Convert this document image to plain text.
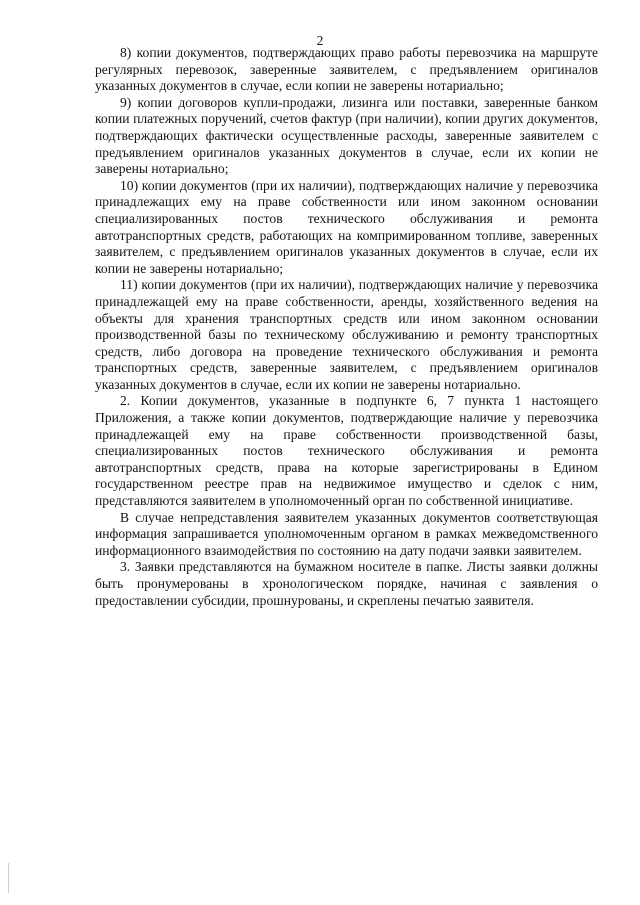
2

8) копии документов, подтверждающих право работы перевозчика на маршруте регулярных перевозок, заверенные заявителем, с предъявлением оригиналов указанных документов в случае, если копии не заверены нотариально;

9) копии договоров купли-продажи, лизинга или поставки, заверенные банком копии платежных поручений, счетов фактур (при наличии), копии других документов, подтверждающих фактически осуществленные расходы, заверенные заявителем с предъявлением оригиналов указанных документов в случае, если их копии не заверены нотариально;

10) копии документов (при их наличии), подтверждающих наличие у перевозчика принадлежащих ему на праве собственности или ином законном основании специализированных постов технического обслуживания и ремонта автотранспортных средств, работающих на компримированном топливе, заверенных заявителем, с предъявлением оригиналов указанных документов в случае, если их копии не заверены нотариально;

11) копии документов (при их наличии), подтверждающих наличие у перевозчика принадлежащей ему на праве собственности, аренды, хозяйственного ведения на объекты для хранения транспортных средств или ином законном основании производственной базы по техническому обслуживанию и ремонту транспортных средств, либо договора на проведение технического обслуживания и ремонта транспортных средств, заверенные заявителем, с предъявлением оригиналов указанных документов в случае, если их копии не заверены нотариально.

2. Копии документов, указанные в подпункте 6, 7 пункта 1 настоящего Приложения, а также копии документов, подтверждающие наличие у перевозчика принадлежащей ему на праве собственности производственной базы, специализированных постов технического обслуживания и ремонта автотранспортных средств, права на которые зарегистрированы в Едином государственном реестре прав на недвижимое имущество и сделок с ним, представляются заявителем в уполномоченный орган по собственной инициативе.

В случае непредставления заявителем указанных документов соответствующая информация запрашивается уполномоченным органом в рамках межведомственного информационного взаимодействия по состоянию на дату подачи заявки заявителем.

3. Заявки представляются на бумажном носителе в папке. Листы заявки должны быть пронумерованы в хронологическом порядке, начиная с заявления о предоставлении субсидии, прошнурованы, и скреплены печатью заявителя.
